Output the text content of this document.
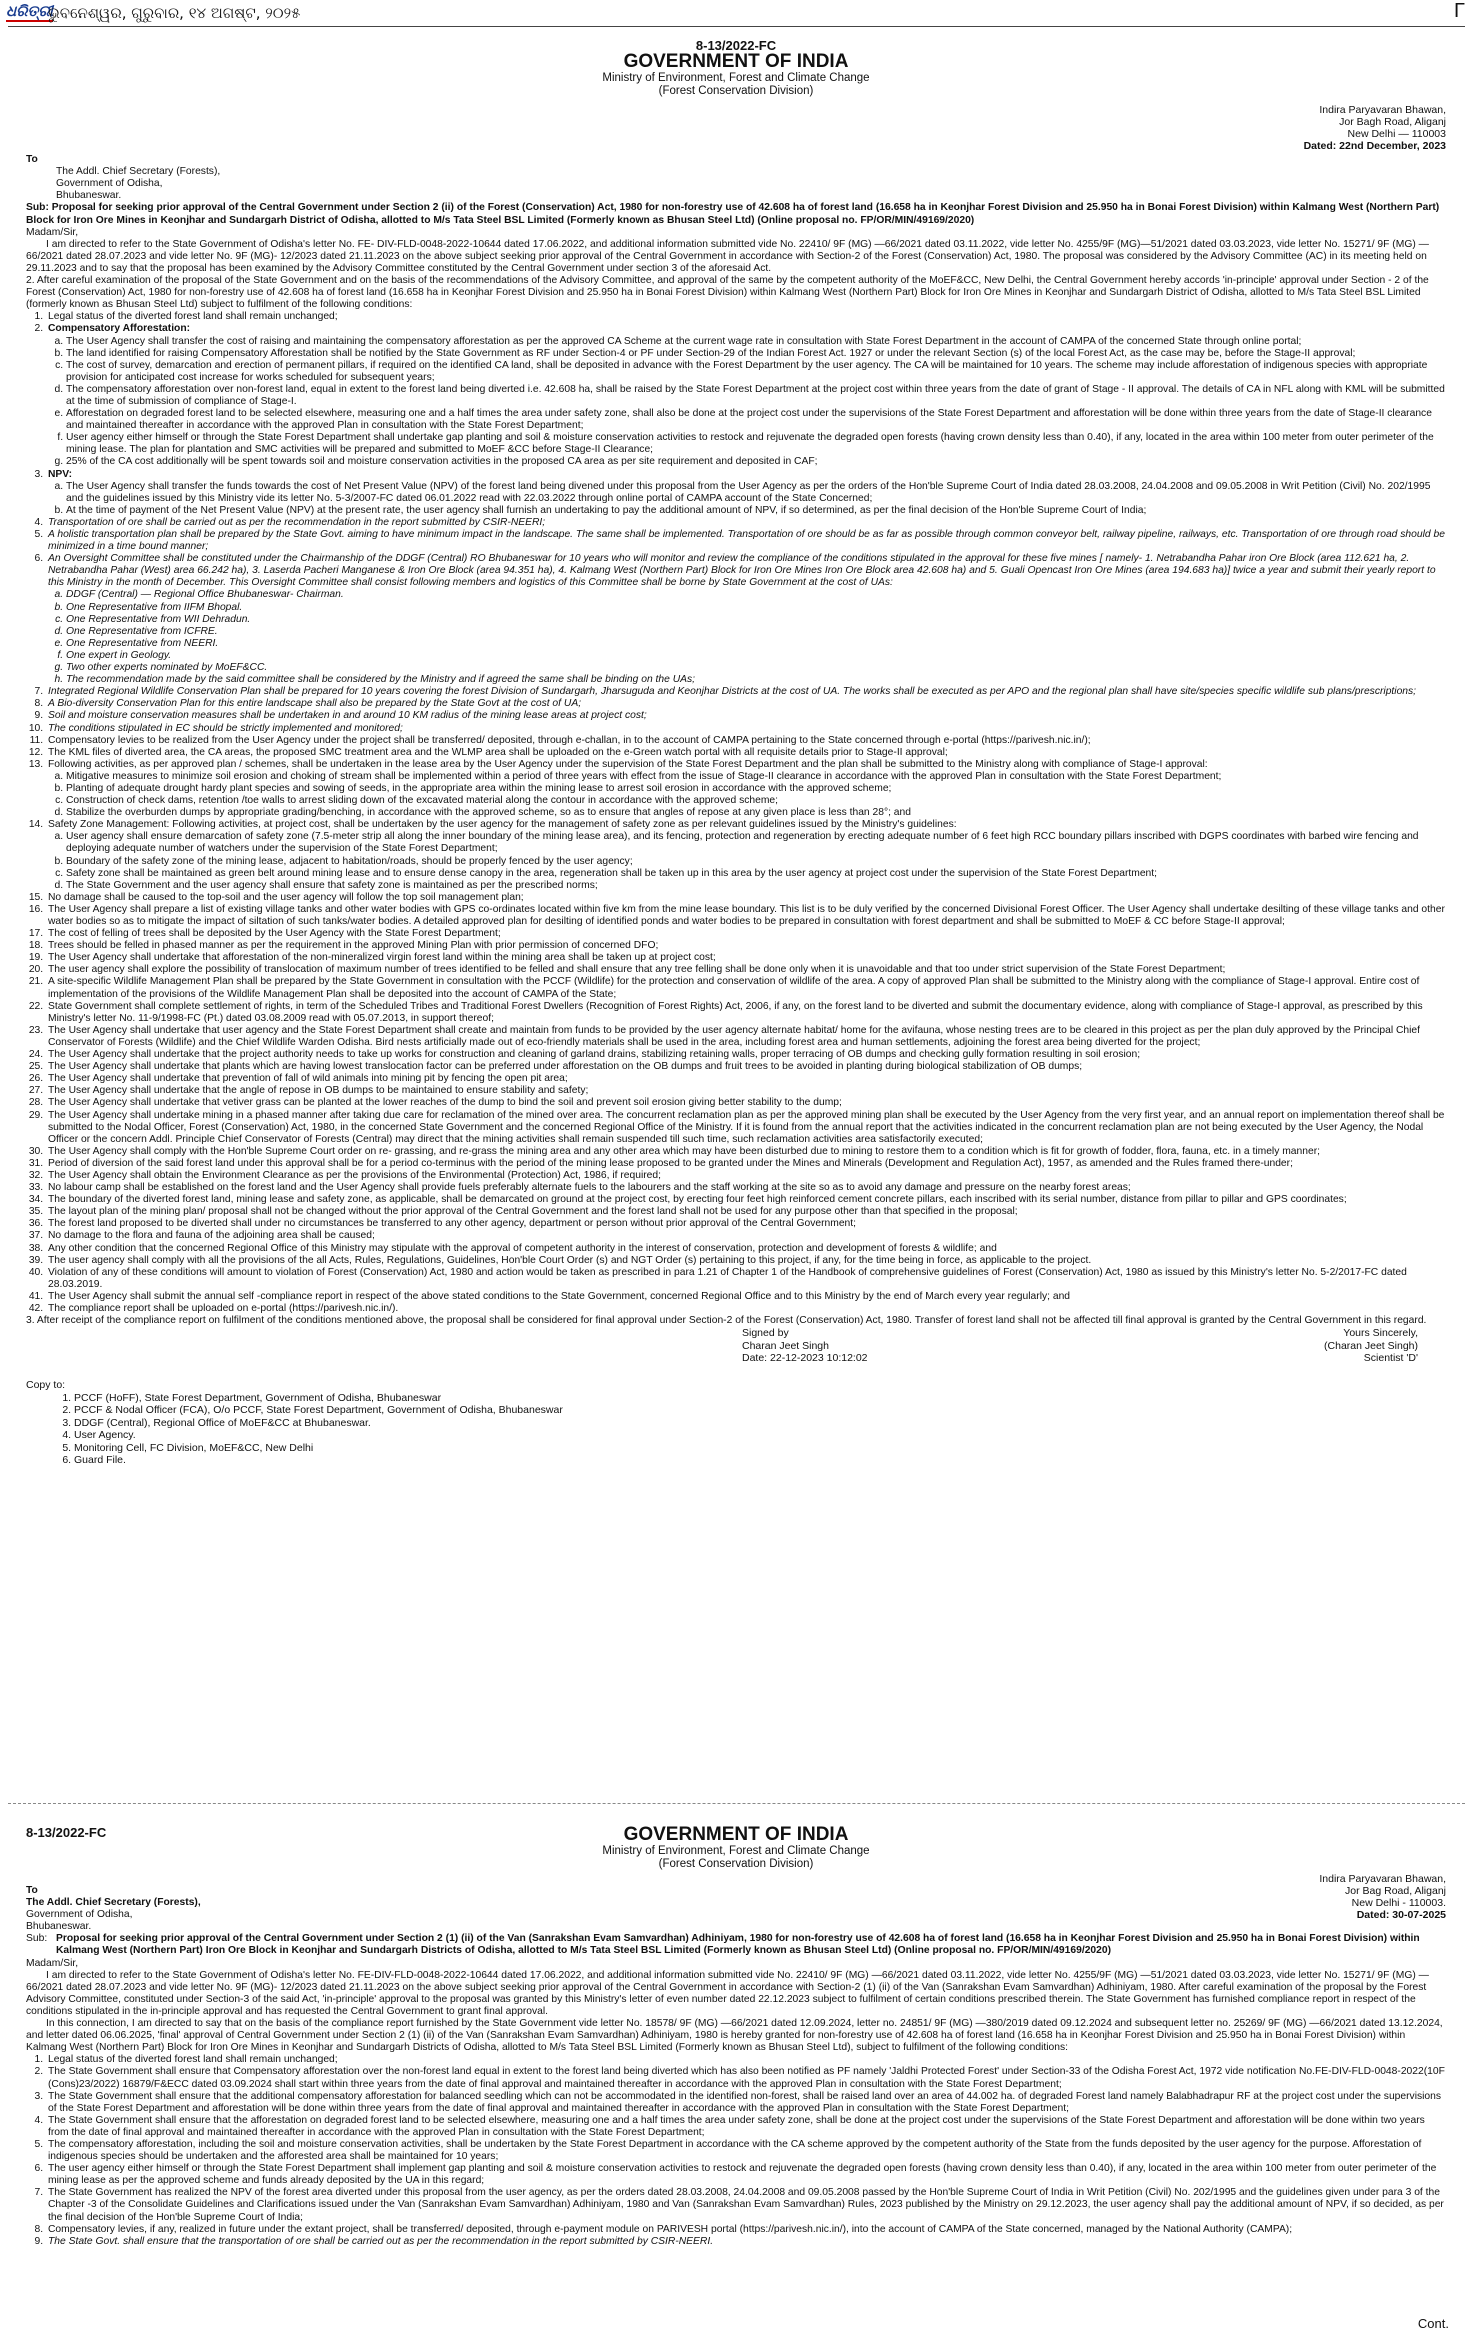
ଧରିତ୍ରୀ
ଭୁବନେଶ୍ୱର, ଗୁରୁବାର, ୧୪ ଅଗଷ୍ଟ, ୨୦୨୫	Γ
8-13/2022-FC
GOVERNMENT OF INDIA
Ministry of Environment, Forest and Climate Change
(Forest Conservation Division)
Indira Paryavaran Bhawan,
Jor Bagh Road, Aliganj
New Delhi — 110003
Dated: 22nd December, 2023
To
The Addl. Chief Secretary (Forests),
Government of Odisha,
Bhubaneswar.

Sub: Proposal for seeking prior approval of the Central Government under Section 2 (ii) of the Forest (Conservation) Act, 1980 for non-forestry use of 42.608 ha of forest land (16.658 ha in Keonjhar Forest Division and 25.950 ha in Bonai Forest Division) within Kalmang West (Northern Part) Block for Iron Ore Mines in Keonjhar and Sundargarh District of Odisha, allotted to M/s Tata Steel BSL Limited (Formerly known as Bhusan Steel Ltd) (Online proposal no. FP/OR/MIN/49169/2020)

Madam/Sir,

I am directed to refer to the State Government of Odisha's letter No. FE- DIV-FLD-0048-2022-10644 dated 17.06.2022, and additional information submitted vide No. 22410/ 9F (MG) —66/2021 dated 03.11.2022, vide letter No. 4255/9F (MG)—51/2021 dated 03.03.2023, vide letter No. 15271/ 9F (MG) —66/2021 dated 28.07.2023 and vide letter No. 9F (MG)- 12/2023 dated 21.11.2023 on the above subject seeking prior approval of the Central Government in accordance with Section-2 of the Forest (Conservation) Act, 1980. The proposal was considered by the Advisory Committee (AC) in its meeting held on 29.11.2023 and to say that the proposal has been examined by the Advisory Committee constituted by the Central Government under section 3 of the aforesaid Act.

2. After careful examination of the proposal of the State Government and on the basis of the recommendations of the Advisory Committee, and approval of the same by the competent authority of the MoEF&CC, New Delhi, the Central Government hereby accords 'in-principle' approval under Section - 2 of the Forest (Conservation) Act, 1980 for non-forestry use of 42.608 ha of forest land (16.658 ha in Keonjhar Forest Division and 25.950 ha in Bonai Forest Division) within Kalmang West (Northern Part) Block for Iron Ore Mines in Keonjhar and Sundargarh District of Odisha, allotted to M/s Tata Steel BSL Limited (formerly known as Bhusan Steel Ltd) subject to fulfilment of the following conditions:

1. Legal status of the diverted forest land shall remain unchanged;
2. Compensatory Afforestation:
a. The User Agency shall transfer the cost of raising and maintaining the compensatory afforestation as per the approved CA Scheme at the current wage rate in consultation with State Forest Department in the account of CAMPA of the concerned State through online portal;
b. The land identified for raising Compensatory Afforestation shall be notified by the State Government as RF under Section-4 or PF under Section-29 of the Indian Forest Act. 1927 or under the relevant Section (s) of the local Forest Act, as the case may be, before the Stage-II approval;
c. The cost of survey, demarcation and erection of permanent pillars, if required on the identified CA land, shall be deposited in advance with the Forest Department by the user agency. The CA will be maintained for 10 years. The scheme may include afforestation of indigenous species with appropriate provision for anticipated cost increase for works scheduled for subsequent years;
d. The compensatory afforestation over non-forest land, equal in extent to the forest land being diverted i.e. 42.608 ha, shall be raised by the State Forest Department at the project cost within three years from the date of grant of Stage - II approval. The details of CA in NFL along with KML will be submitted at the time of submission of compliance of Stage-I.
e. Afforestation on degraded forest land to be selected elsewhere, measuring one and a half times the area under safety zone, shall also be done at the project cost under the supervisions of the State Forest Department and afforestation will be done within three years from the date of Stage-II clearance and maintained thereafter in accordance with the approved Plan in consultation with the State Forest Department;
f. User agency either himself or through the State Forest Department shall undertake gap planting and soil & moisture conservation activities to restock and rejuvenate the degraded open forests (having crown density less than 0.40), if any, located in the area within 100 meter from outer perimeter of the mining lease. The plan for plantation and SMC activities will be prepared and submitted to MoEF &CC before Stage-II Clearance;
g. 25% of the CA cost additionally will be spent towards soil and moisture conservation activities in the proposed CA area as per site requirement and deposited in CAF;
3. NPV:
a. The User Agency shall transfer the funds towards the cost of Net Present Value (NPV) of the forest land being divened under this proposal from the User Agency as per the orders of the Hon'ble Supreme Court of India dated 28.03.2008, 24.04.2008 and 09.05.2008 in Writ Petition (Civil) No. 202/1995 and the guidelines issued by this Ministry vide its letter No. 5-3/2007-FC dated 06.01.2022 read with 22.03.2022 through online portal of CAMPA account of the State Concerned;
b. At the time of payment of the Net Present Value (NPV) at the present rate, the user agency shall furnish an undertaking to pay the additional amount of NPV, if so determined, as per the final decision of the Hon'ble Supreme Court of India;
4. Transportation of ore shall be carried out as per the recommendation in the report submitted by CSIR-NEERI;
5. A holistic transportation plan shall be prepared by the State Govt. aiming to have minimum impact in the landscape. The same shall be implemented. Transportation of ore should be as far as possible through common conveyor belt, railway pipeline, railways, etc. Transportation of ore through road should be minimized in a time bound manner;
6. An Oversight Committee shall be constituted under the Chairmanship of the DDGF (Central) RO Bhubaneswar for 10 years who will monitor and review the compliance of the conditions stipulated in the approval for these five mines [ namely- 1. Netrabandha Pahar iron Ore Block (area 112.621 ha, 2. Netrabandha Pahar (West) area 66.242 ha), 3. Laserda Pacheri Manganese & Iron Ore Block (area 94.351 ha), 4. Kalmang West (Northern Part) Block for Iron Ore Mines Iron Ore Block area 42.608 ha) and 5. Guali Opencast Iron Ore Mines (area 194.683 ha)] twice a year and submit their yearly report to this Ministry in the month of December. This Oversight Committee shall consist following members and logistics of this Committee shall be borne by State Government at the cost of UAs:
a. DDGF (Central) — Regional Office Bhubaneswar- Chairman.
b. One Representative from IIFM Bhopal.
c. One Representative from WII Dehradun.
d. One Representative from ICFRE.
e. One Representative from NEERI.
f. One expert in Geology.
g. Two other experts nominated by MoEF&CC.
h. The recommendation made by the said committee shall be considered by the Ministry and if agreed the same shall be binding on the UAs;
7. Integrated Regional Wildlife Conservation Plan shall be prepared for 10 years covering the forest Division of Sundargarh, Jharsuguda and Keonjhar Districts at the cost of UA. The works shall be executed as per APO and the regional plan shall have site/species specific wildlife sub plans/prescriptions;
8. A Bio-diversity Conservation Plan for this entire landscape shall also be prepared by the State Govt at the cost of UA;
9. Soil and moisture conservation measures shall be undertaken in and around 10 KM radius of the mining lease areas at project cost;
10. The conditions stipulated in EC should be strictly implemented and monitored;
11. Compensatory levies to be realized from the User Agency under the project shall be transferred/ deposited, through e-challan, in to the account of CAMPA pertaining to the State concerned through e-portal (https://parivesh.nic.in/);
12. The KML files of diverted area, the CA areas, the proposed SMC treatment area and the WLMP area shall be uploaded on the e-Green watch portal with all requisite details prior to Stage-II approval;
13. Following activities, as per approved plan / schemes, shall be undertaken in the lease area by the User Agency under the supervision of the State Forest Department and the plan shall be submitted to the Ministry along with compliance of Stage-I approval:
a. Mitigative measures to minimize soil erosion and choking of stream shall be implemented within a period of three years with effect from the issue of Stage-II clearance in accordance with the approved Plan in consultation with the State Forest Department;
b. Planting of adequate drought hardy plant species and sowing of seeds, in the appropriate area within the mining lease to arrest soil erosion in accordance with the approved scheme;
c. Construction of check dams, retention /toe walls to arrest sliding down of the excavated material along the contour in accordance with the approved scheme;
d. Stabilize the overburden dumps by appropriate grading/benching, in accordance with the approved scheme, so as to ensure that angles of repose at any given place is less than 28°; and
14. Safety Zone Management: Following activities, at project cost, shall be undertaken by the user agency for the management of safety zone as per relevant guidelines issued by the Ministry's guidelines:
a. User agency shall ensure demarcation of safety zone (7.5-meter strip all along the inner boundary of the mining lease area), and its fencing, protection and regeneration by erecting adequate number of 6 feet high RCC boundary pillars inscribed with DGPS coordinates with barbed wire fencing and deploying adequate number of watchers under the supervision of the State Forest Department;
b. Boundary of the safety zone of the mining lease, adjacent to habitation/roads, should be properly fenced by the user agency;
c. Safety zone shall be maintained as green belt around mining lease and to ensure dense canopy in the area, regeneration shall be taken up in this area by the user agency at project cost under the supervision of the State Forest Department;
d. The State Government and the user agency shall ensure that safety zone is maintained as per the prescribed norms;
15. No damage shall be caused to the top-soil and the user agency will follow the top soil management plan;
16. The User Agency shall prepare a list of existing village tanks and other water bodies with GPS co-ordinates located within five km from the mine lease boundary. This list is to be duly verified by the concerned Divisional Forest Officer. The User Agency shall undertake desilting of these village tanks and other water bodies so as to mitigate the impact of siltation of such tanks/water bodies. A detailed approved plan for desilting of identified ponds and water bodies to be prepared in consultation with forest department and shall be submitted to MoEF & CC before Stage-II approval;
17. The cost of felling of trees shall be deposited by the User Agency with the State Forest Department;
18. Trees should be felled in phased manner as per the requirement in the approved Mining Plan with prior permission of concerned DFO;
19. The User Agency shall undertake that afforestation of the non-mineralized virgin forest land within the mining area shall be taken up at project cost;
20. The user agency shall explore the possibility of translocation of maximum number of trees identified to be felled and shall ensure that any tree felling shall be done only when it is unavoidable and that too under strict supervision of the State Forest Department;
21. A site-specific Wildlife Management Plan shall be prepared by the State Government in consultation with the PCCF (Wildlife) for the protection and conservation of wildlife of the area. A copy of approved Plan shall be submitted to the Ministry along with the compliance of Stage-I approval. Entire cost of implementation of the provisions of the Wildlife Management Plan shall be deposited into the account of CAMPA of the State;
22. State Government shall complete settlement of rights, in term of the Scheduled Tribes and Traditional Forest Dwellers (Recognition of Forest Rights) Act, 2006, if any, on the forest land to be diverted and submit the documentary evidence, along with compliance of Stage-I approval, as prescribed by this Ministry's letter No. 11-9/1998-FC (Pt.) dated 03.08.2009 read with 05.07.2013, in support thereof;
23. The User Agency shall undertake that user agency and the State Forest Department shall create and maintain from funds to be provided by the user agency alternate habitat/ home for the avifauna, whose nesting trees are to be cleared in this project as per the plan duly approved by the Principal Chief Conservator of Forests (Wildlife) and the Chief Wildlife Warden Odisha. Bird nests artificially made out of eco-friendly materials shall be used in the area, including forest area and human settlements, adjoining the forest area being diverted for the project;
24. The User Agency shall undertake that the project authority needs to take up works for construction and cleaning of garland drains, stabilizing retaining walls, proper terracing of OB dumps and checking gully formation resulting in soil erosion;
25. The User Agency shall undertake that plants which are having lowest translocation factor can be preferred under afforestation on the OB dumps and fruit trees to be avoided in planting during biological stabilization of OB dumps;
26. The User Agency shall undertake that prevention of fall of wild animals into mining pit by fencing the open pit area;
27. The User Agency shall undertake that the angle of repose in OB dumps to be maintained to ensure stability and safety;
28. The User Agency shall undertake that vetiver grass can be planted at the lower reaches of the dump to bind the soil and prevent soil erosion giving better stability to the dump;
29. The User Agency shall undertake mining in a phased manner after taking due care for reclamation of the mined over area. The concurrent reclamation plan as per the approved mining plan shall be executed by the User Agency from the very first year, and an annual report on implementation thereof shall be submitted to the Nodal Officer, Forest (Conservation) Act, 1980, in the concerned State Government and the concerned Regional Office of the Ministry. If it is found from the annual report that the activities indicated in the concurrent reclamation plan are not being executed by the User Agency, the Nodal Officer or the concern Addl. Principle Chief Conservator of Forests (Central) may direct that the mining activities shall remain suspended till such time, such reclamation activities area satisfactorily executed;
30. The User Agency shall comply with the Hon'ble Supreme Court order on re- grassing, and re-grass the mining area and any other area which may have been disturbed due to mining to restore them to a condition which is fit for growth of fodder, flora, fauna, etc. in a timely manner;
31. Period of diversion of the said forest land under this approval shall be for a period co-terminus with the period of the mining lease proposed to be granted under the Mines and Minerals (Development and Regulation Act), 1957, as amended and the Rules framed there-under;
32. The User Agency shall obtain the Environment Clearance as per the provisions of the Environmental (Protection) Act, 1986, if required;
33. No labour camp shall be established on the forest land and the User Agency shall provide fuels preferably alternate fuels to the labourers and the staff working at the site so as to avoid any damage and pressure on the nearby forest areas;
34. The boundary of the diverted forest land, mining lease and safety zone, as applicable, shall be demarcated on ground at the project cost, by erecting four feet high reinforced cement concrete pillars, each inscribed with its serial number, distance from pillar to pillar and GPS coordinates;
35. The layout plan of the mining plan/ proposal shall not be changed without the prior approval of the Central Government and the forest land shall not be used for any purpose other than that specified in the proposal;
36. The forest land proposed to be diverted shall under no circumstances be transferred to any other agency, department or person without prior approval of the Central Government;
37. No damage to the flora and fauna of the adjoining area shall be caused;
38. Any other condition that the concerned Regional Office of this Ministry may stipulate with the approval of competent authority in the interest of conservation, protection and development of forests & wildlife; and
39. The user agency shall comply with all the provisions of the all Acts, Rules, Regulations, Guidelines, Hon'ble Court Order (s) and NGT Order (s) pertaining to this project, if any, for the time being in force, as applicable to the project.
40. Violation of any of these conditions will amount to violation of Forest (Conservation) Act, 1980 and action would be taken as prescribed in para 1.21 of Chapter 1 of the Handbook of comprehensive guidelines of Forest (Conservation) Act, 1980 as issued by this Ministry's letter No. 5-2/2017-FC dated 28.03.2019.
41. The User Agency shall submit the annual self -compliance report in respect of the above stated conditions to the State Government, concerned Regional Office and to this Ministry by the end of March every year regularly; and
42. The compliance report shall be uploaded on e-portal (https://parivesh.nic.in/).

3. After receipt of the compliance report on fulfilment of the conditions mentioned above, the proposal shall be considered for final approval under Section-2 of the Forest (Conservation) Act, 1980. Transfer of forest land shall not be affected till final approval is granted by the Central Government in this regard.

Signed by
Charan Jeet Singh
Date: 22-12-2023 10:12:02
Yours Sincerely,
(Charan Jeet Singh)
Scientist 'D'
Copy to:
1. PCCF (HoFF), State Forest Department, Government of Odisha, Bhubaneswar
2. PCCF & Nodal Officer (FCA), O/o PCCF, State Forest Department, Government of Odisha, Bhubaneswar
3. DDGF (Central), Regional Office of MoEF&CC at Bhubaneswar.
4. User Agency.
5. Monitoring Cell, FC Division, MoEF&CC, New Delhi
6. Guard File.
8-13/2022-FC	GOVERNMENT OF INDIA
Ministry of Environment, Forest and Climate Change
(Forest Conservation Division)
Indira Paryavaran Bhawan,
Jor Bag Road, Aliganj
New Delhi - 110003.
Dated: 30-07-2025
To
The Addl. Chief Secretary (Forests),
Government of Odisha,
Bhubaneswar.
Sub: Proposal for seeking prior approval of the Central Government under Section 2 (1) (ii) of the Van (Sanrakshan Evam Samvardhan) Adhiniyam, 1980 for non-forestry use of 42.608 ha of forest land (16.658 ha in Keonjhar Forest Division and 25.950 ha in Bonai Forest Division) within Kalmang West (Northern Part) Iron Ore Block in Keonjhar and Sundargarh Districts of Odisha, allotted to M/s Tata Steel BSL Limited (Formerly known as Bhusan Steel Ltd) (Online proposal no. FP/OR/MIN/49169/2020)

Madam/Sir,

I am directed to refer to the State Government of Odisha's letter No. FE-DIV-FLD-0048-2022-10644 dated 17.06.2022, and additional information submitted vide No. 22410/ 9F (MG) —66/2021 dated 03.11.2022, vide letter No. 4255/9F (MG) —51/2021 dated 03.03.2023, vide letter No. 15271/ 9F (MG) —66/2021 dated 28.07.2023 and vide letter No. 9F (MG)- 12/2023 dated 21.11.2023 on the above subject seeking prior approval of the Central Government in accordance with Section-2 (1) (ii) of the Van (Sanrakshan Evam Samvardhan) Adhiniyam, 1980. After careful examination of the proposal by the Forest Advisory Committee, constituted under Section-3 of the said Act, 'in-principle' approval to the proposal was granted by this Ministry's letter of even number dated 22.12.2023 subject to fulfilment of certain conditions prescribed therein. The State Government has furnished compliance report in respect of the conditions stipulated in the in-principle approval and has requested the Central Government to grant final approval.

In this connection, I am directed to say that on the basis of the compliance report furnished by the State Government vide letter No. 18578/ 9F (MG) —66/2021 dated 12.09.2024, letter no. 24851/ 9F (MG) —380/2019 dated 09.12.2024 and subsequent letter no. 25269/ 9F (MG) —66/2021 dated 13.12.2024, and letter dated 06.06.2025, 'final' approval of Central Government under Section 2 (1) (ii) of the Van (Sanrakshan Evam Samvardhan) Adhiniyam, 1980 is hereby granted for non-forestry use of 42.608 ha of forest land (16.658 ha in Keonjhar Forest Division and 25.950 ha in Bonai Forest Division) within Kalmang West (Northern Part) Block for Iron Ore Mines in Keonjhar and Sundargarh Districts of Odisha, allotted to M/s Tata Steel BSL Limited (Formerly known as Bhusan Steel Ltd), subject to fulfilment of the following conditions:

1. Legal status of the diverted forest land shall remain unchanged;
2. The State Government shall ensure that Compensatory afforestation over the non-forest land equal in extent to the forest land being diverted which has also been notified as PF namely 'Jaldhi Protected Forest' under Section-33 of the Odisha Forest Act, 1972 vide notification No.FE-DIV-FLD-0048-2022(10F (Cons)23/2022) 16879/F&ECC dated 03.09.2024 shall start within three years from the date of final approval and maintained thereafter in accordance with the approved Plan in consultation with the State Forest Department;
3. The State Government shall ensure that the additional compensatory afforestation for balanced seedling which can not be accommodated in the identified non-forest, shall be raised land over an area of 44.002 ha. of degraded Forest land namely Balabhadrapur RF at the project cost under the supervisions of the State Forest Department and afforestation will be done within three years from the date of final approval and maintained thereafter in accordance with the approved Plan in consultation with the State Forest Department;
4. The State Government shall ensure that the afforestation on degraded forest land to be selected elsewhere, measuring one and a half times the area under safety zone, shall be done at the project cost under the supervisions of the State Forest Department and afforestation will be done within two years from the date of final approval and maintained thereafter in accordance with the approved Plan in consultation with the State Forest Department;
5. The compensatory afforestation, including the soil and moisture conservation activities, shall be undertaken by the State Forest Department in accordance with the CA scheme approved by the competent authority of the State from the funds deposited by the user agency for the purpose. Afforestation of indigenous species should be undertaken and the afforested area shall be maintained for 10 years;
6. The user agency either himself or through the State Forest Department shall implement gap planting and soil & moisture conservation activities to restock and rejuvenate the degraded open forests (having crown density less than 0.40), if any, located in the area within 100 meter from outer perimeter of the mining lease as per the approved scheme and funds already deposited by the UA in this regard;
7. The State Government has realized the NPV of the forest area diverted under this proposal from the user agency, as per the orders dated 28.03.2008, 24.04.2008 and 09.05.2008 passed by the Hon'ble Supreme Court of India in Writ Petition (Civil) No. 202/1995 and the guidelines given under para 3 of the Chapter -3 of the Consolidate Guidelines and Clarifications issued under the Van (Sanrakshan Evam Samvardhan) Adhiniyam, 1980 and Van (Sanrakshan Evam Samvardhan) Rules, 2023 published by the Ministry on 29.12.2023, the user agency shall pay the additional amount of NPV, if so decided, as per the final decision of the Hon'ble Supreme Court of India;
8. Compensatory levies, if any, realized in future under the extant project, shall be transferred/ deposited, through e-payment module on PARIVESH portal (https://parivesh.nic.in/), into the account of CAMPA of the State concerned, managed by the National Authority (CAMPA);
9. The State Govt. shall ensure that the transportation of ore shall be carried out as per the recommendation in the report submitted by CSIR-NEERI.
Cont.
